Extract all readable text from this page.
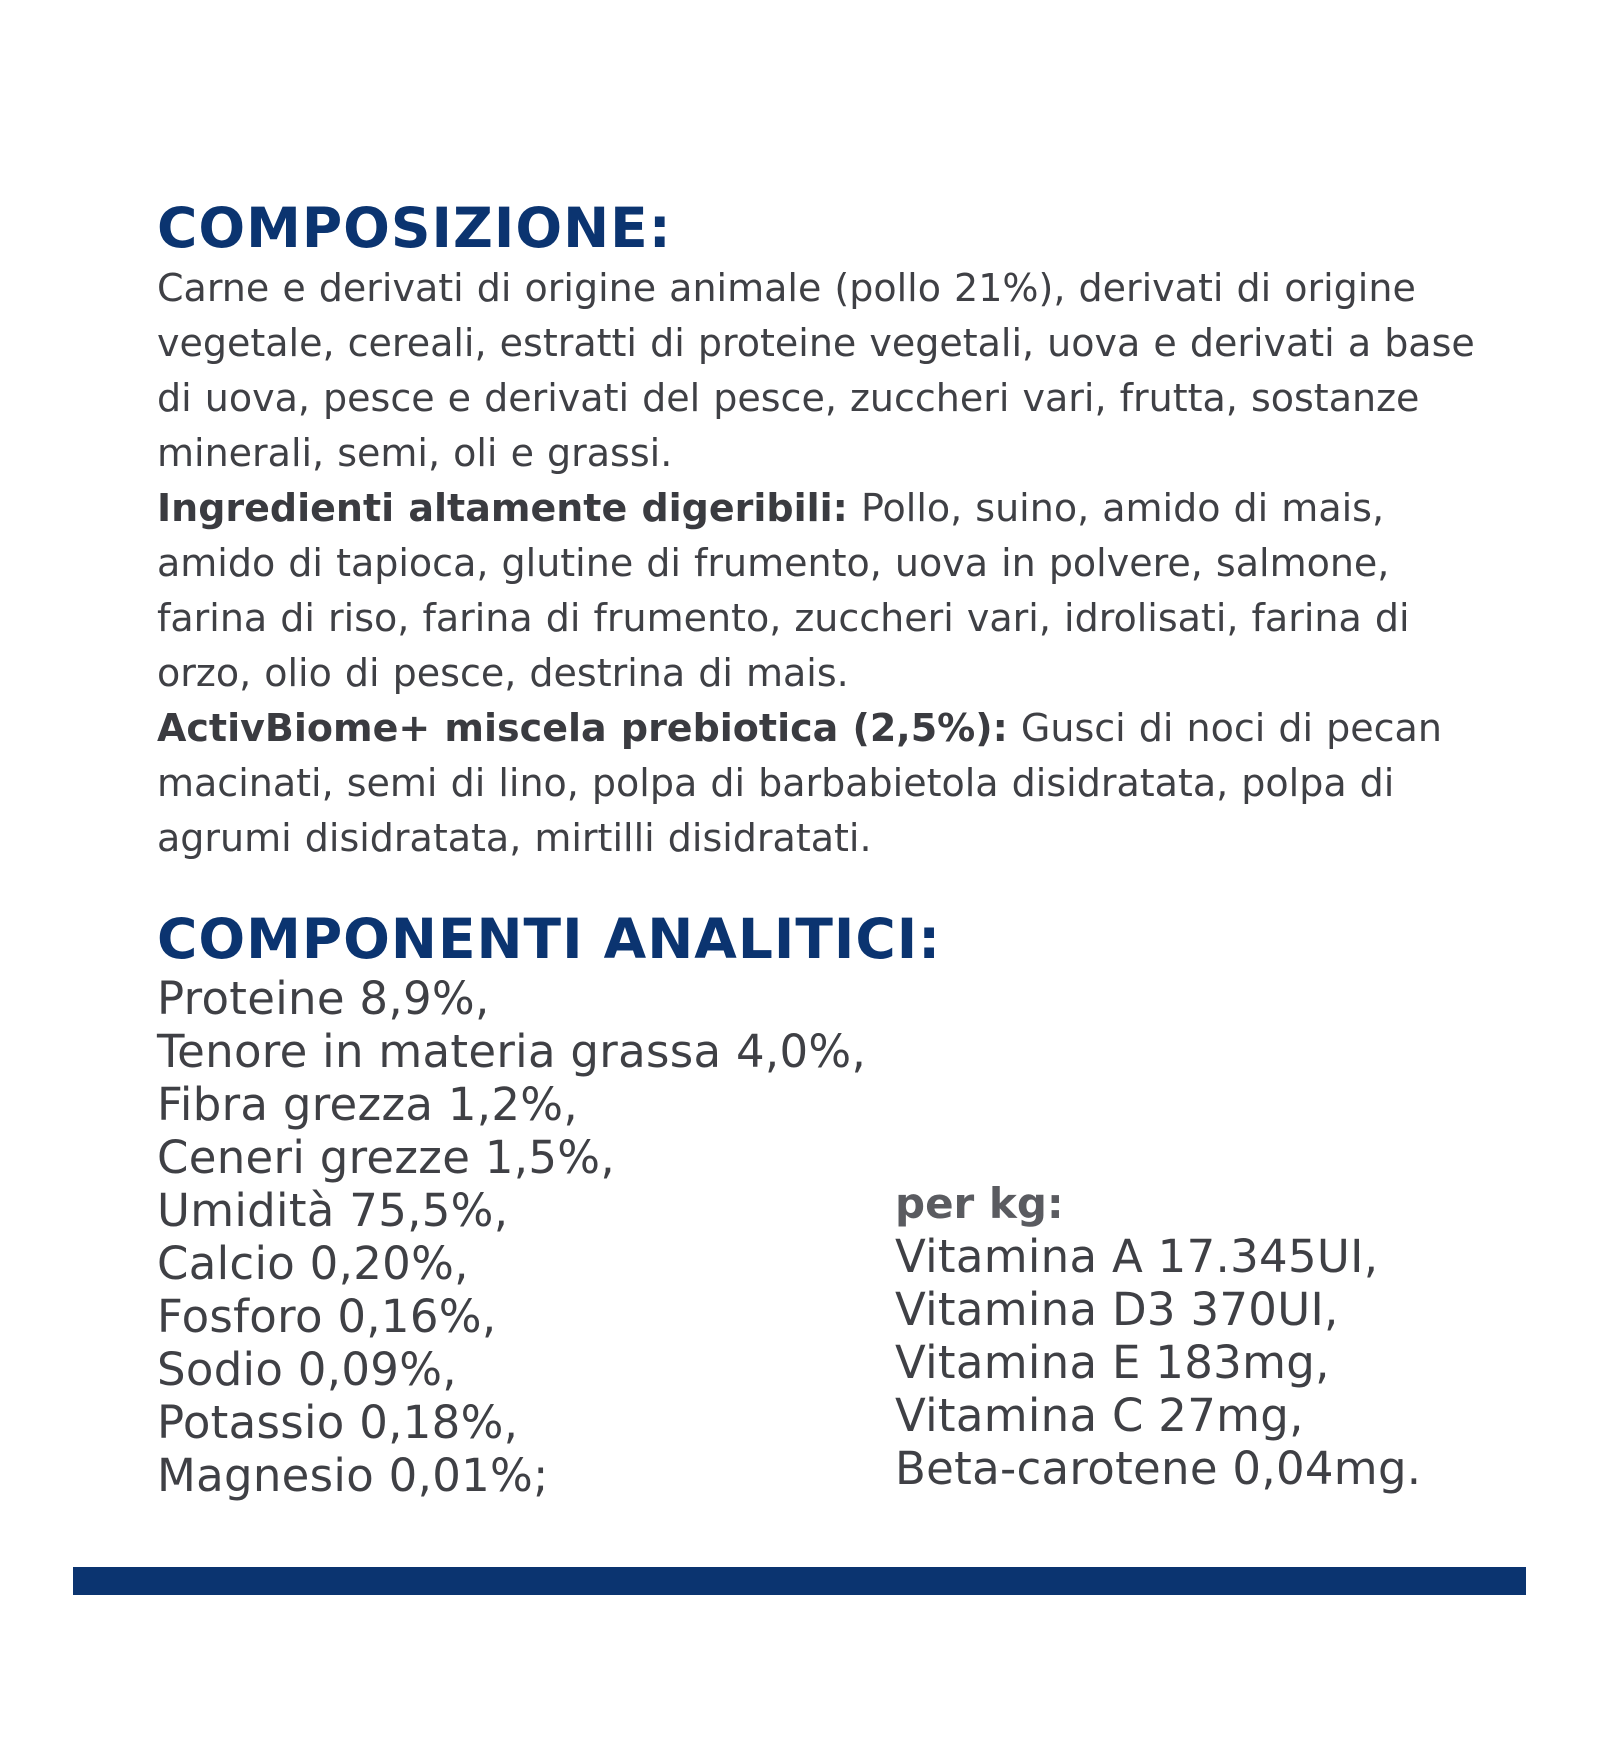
COMPOSIZIONE:

Carne e derivati di origine animale (pollo 21%), derivati di origine vegetale, cereali, estratti di proteine vegetali, uova e derivati a base di uova, pesce e derivati del pesce, zuccheri vari, frutta, sostanze minerali, semi, oli e grassi.
Ingredienti altamente digeribili: Pollo, suino, amido di mais, amido di tapioca, glutine di frumento, uova in polvere, salmone, farina di riso, farina di frumento, zuccheri vari, idrolisati, farina di orzo, olio di pesce, destrina di mais.
ActivBiome+ miscela prebiotica (2,5%): Gusci di noci di pecan macinati, semi di lino, polpa di barbabietola disidratata, polpa di agrumi disidratata, mirtilli disidratati.

COMPONENTI ANALITICI:
Proteine 8,9%,
Tenore in materia grassa 4,0%,
Fibra grezza 1,2%,
Ceneri grezze 1,5%,
Umidità 75,5%,
Calcio 0,20%,
Fosforo 0,16%,
Sodio 0,09%,
Potassio 0,18%,
Magnesio 0,01%;

per kg:

Vitamina A 17.345UI,
Vitamina D3 370UI,
Vitamina E 183mg,
Vitamina C 27mg,
Beta-carotene 0,04mg.
